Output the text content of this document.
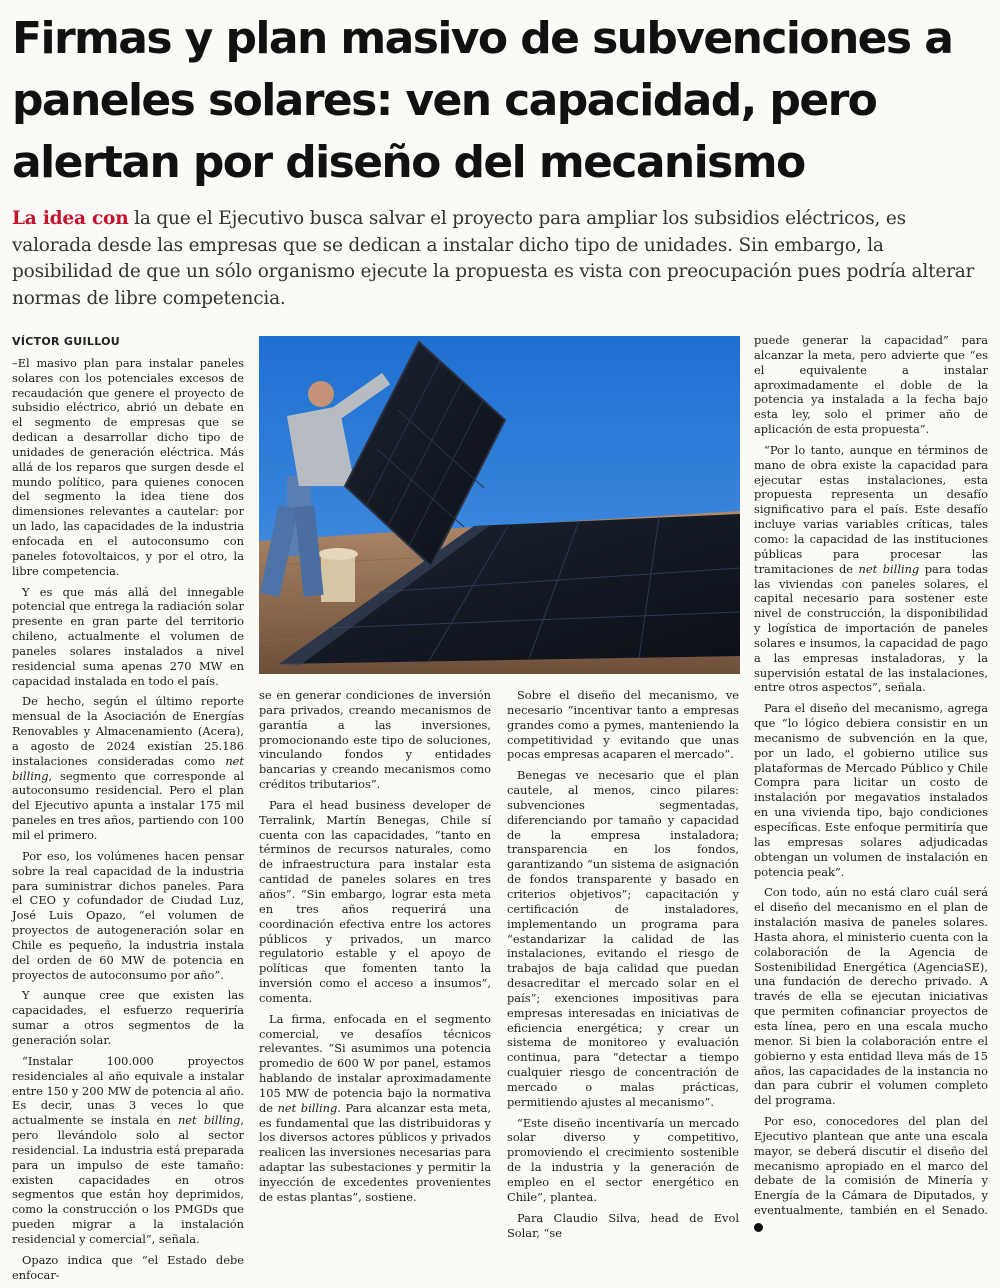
Firmas y plan masivo de subvenciones a paneles solares: ven capacidad, pero alertan por diseño del mecanismo

La idea con la que el Ejecutivo busca salvar el proyecto para ampliar los subsidios eléctricos, es valorada desde las empresas que se dedican a instalar dicho tipo de unidades. Sin embargo, la posibilidad de que un sólo organismo ejecute la propuesta es vista con preocupación pues podría alterar normas de libre competencia.

VÍCTOR GUILLOU

–El masivo plan para instalar paneles solares con los potenciales excesos de recaudación que genere el proyecto de subsidio eléctrico, abrió un debate en el segmento de empresas que se dedican a desarrollar dicho tipo de unidades de generación eléctrica. Más allá de los reparos que surgen desde el mundo político, para quienes conocen del segmento la idea tiene dos dimensiones relevantes a cautelar: por un lado, las capacidades de la industria enfocada en el autoconsumo con paneles fotovoltaicos, y por el otro, la libre competencia.

Y es que más allá del innegable potencial que entrega la radiación solar presente en gran parte del territorio chileno, actualmente el volumen de paneles solares instalados a nivel residencial suma apenas 270 MW en capacidad instalada en todo el país.

De hecho, según el último reporte mensual de la Asociación de Energías Renovables y Almacenamiento (Acera), a agosto de 2024 existían 25.186 instalaciones consideradas como net billing, segmento que corresponde al autoconsumo residencial. Pero el plan del Ejecutivo apunta a instalar 175 mil paneles en tres años, partiendo con 100 mil el primero.

Por eso, los volúmenes hacen pensar sobre la real capacidad de la industria para suministrar dichos paneles. Para el CEO y cofundador de Ciudad Luz, José Luis Opazo, “el volumen de proyectos de autogeneración solar en Chile es pequeño, la industria instala del orden de 60 MW de potencia en proyectos de autoconsumo por año”.

Y aunque cree que existen las capacidades, el esfuerzo requeriría sumar a otros segmentos de la generación solar.

“Instalar 100.000 proyectos residenciales al año equivale a instalar entre 150 y 200 MW de potencia al año. Es decir, unas 3 veces lo que actualmente se instala en net billing, pero llevándolo solo al sector residencial. La industria está preparada para un impulso de este tamaño: existen capacidades en otros segmentos que están hoy deprimidos, como la construcción o los PMGDs que pueden migrar a la instalación residencial y comercial”, señala.

Opazo indica que “el Estado debe enfocar-

se en generar condiciones de inversión para privados, creando mecanismos de garantía a las inversiones, promocionando este tipo de soluciones, vinculando fondos y entidades bancarias y creando mecanismos como créditos tributarios”.

Para el head business developer de Terralink, Martín Benegas, Chile sí cuenta con las capacidades, “tanto en términos de recursos naturales, como de infraestructura para instalar esta cantidad de paneles solares en tres años”. “Sin embargo, lograr esta meta en tres años requerirá una coordinación efectiva entre los actores públicos y privados, un marco regulatorio estable y el apoyo de políticas que fomenten tanto la inversión como el acceso a insumos”, comenta.

La firma, enfocada en el segmento comercial, ve desafíos técnicos relevantes. “Si asumimos una potencia promedio de 600 W por panel, estamos hablando de instalar aproximadamente 105 MW de potencia bajo la normativa de net billing. Para alcanzar esta meta, es fundamental que las distribuidoras y los diversos actores públicos y privados realicen las inversiones necesarias para adaptar las subestaciones y permitir la inyección de excedentes provenientes de estas plantas”, sostiene.

Sobre el diseño del mecanismo, ve necesario “incentivar tanto a empresas grandes como a pymes, manteniendo la competitividad y evitando que unas pocas empresas acaparen el mercado”.

Benegas ve necesario que el plan cautele, al menos, cinco pilares: subvenciones segmentadas, diferenciando por tamaño y capacidad de la empresa instaladora; transparencia en los fondos, garantizando “un sistema de asignación de fondos transparente y basado en criterios objetivos”; capacitación y certificación de instaladores, implementando un programa para “estandarizar la calidad de las instalaciones, evitando el riesgo de trabajos de baja calidad que puedan desacreditar el mercado solar en el país”; exenciones impositivas para empresas interesadas en iniciativas de eficiencia energética; y crear un sistema de monitoreo y evaluación continua, para “detectar a tiempo cualquier riesgo de concentración de mercado o malas prácticas, permitiendo ajustes al mecanismo”.

“Este diseño incentivaría un mercado solar diverso y competitivo, promoviendo el crecimiento sostenible de la industria y la generación de empleo en el sector energético en Chile”, plantea.

Para Claudio Silva, head de Evol Solar, “se

puede generar la capacidad” para alcanzar la meta, pero advierte que “es el equivalente a instalar aproximadamente el doble de la potencia ya instalada a la fecha bajo esta ley, solo el primer año de aplicación de esta propuesta”.

“Por lo tanto, aunque en términos de mano de obra existe la capacidad para ejecutar estas instalaciones, esta propuesta representa un desafío significativo para el país. Este desafío incluye varias variables críticas, tales como: la capacidad de las instituciones públicas para procesar las tramitaciones de net billing para todas las viviendas con paneles solares, el capital necesario para sostener este nivel de construcción, la disponibilidad y logística de importación de paneles solares e insumos, la capacidad de pago a las empresas instaladoras, y la supervisión estatal de las instalaciones, entre otros aspectos”, señala.

Para el diseño del mecanismo, agrega que “lo lógico debiera consistir en un mecanismo de subvención en la que, por un lado, el gobierno utilice sus plataformas de Mercado Público y Chile Compra para licitar un costo de instalación por megavatios instalados en una vivienda tipo, bajo condiciones específicas. Este enfoque permitiría que las empresas solares adjudicadas obtengan un volumen de instalación en potencia peak”.

Con todo, aún no está claro cuál será el diseño del mecanismo en el plan de instalación masiva de paneles solares. Hasta ahora, el ministerio cuenta con la colaboración de la Agencia de Sostenibilidad Energética (AgenciaSE), una fundación de derecho privado. A través de ella se ejecutan iniciativas que permiten cofinanciar proyectos de esta línea, pero en una escala mucho menor. Si bien la colaboración entre el gobierno y esta entidad lleva más de 15 años, las capacidades de la instancia no dan para cubrir el volumen completo del programa.

Por eso, conocedores del plan del Ejecutivo plantean que ante una escala mayor, se deberá discutir el diseño del mecanismo apropiado en el marco del debate de la comisión de Minería y Energía de la Cámara de Diputados, y eventualmente, también en el Senado. P
